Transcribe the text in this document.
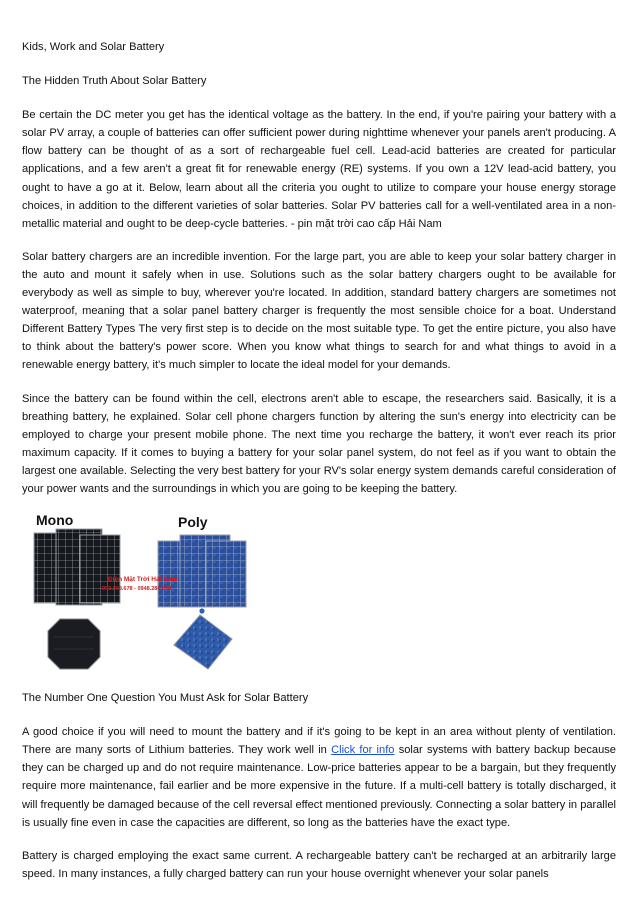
Kids, Work and Solar Battery
The Hidden Truth About Solar Battery

Be certain the DC meter you get has the identical voltage as the battery. In the end, if you're pairing your battery with a solar PV array, a couple of batteries can offer sufficient power during nighttime whenever your panels aren't producing. A flow battery can be thought of as a sort of rechargeable fuel cell. Lead-acid batteries are created for particular applications, and a few aren't a great fit for renewable energy (RE) systems. If you own a 12V lead-acid battery, you ought to have a go at it. Below, learn about all the criteria you ought to utilize to compare your house energy storage choices, in addition to the different varieties of solar batteries. Solar PV batteries call for a well-ventilated area in a non-metallic material and ought to be deep-cycle batteries. - pin mặt trời cao cấp Hải Nam

Solar battery chargers are an incredible invention. For the large part, you are able to keep your solar battery charger in the auto and mount it safely when in use. Solutions such as the solar battery chargers ought to be available for everybody as well as simple to buy, wherever you're located. In addition, standard battery chargers are sometimes not waterproof, meaning that a solar panel battery charger is frequently the most sensible choice for a boat. Understand Different Battery Types The very first step is to decide on the most suitable type. To get the entire picture, you also have to think about the battery's power score. When you know what things to search for and what things to avoid in a renewable energy battery, it's much simpler to locate the ideal model for your demands.

Since the battery can be found within the cell, electrons aren't able to escape, the researchers said. Basically, it is a breathing battery, he explained. Solar cell phone chargers function by altering the sun's energy into electricity can be employed to charge your present mobile phone. The next time you recharge the battery, it won't ever reach its prior maximum capacity. If it comes to buying a battery for your solar panel system, do not feel as if you want to obtain the largest one available. Selecting the very best battery for your RV's solar energy system demands careful consideration of your power wants and the surroundings in which you are going to be keeping the battery.

Mono	Poly
Điện Mặt Trời Hải Nam
093.208.678 - 0948.288.678
The Number One Question You Must Ask for Solar Battery

A good choice if you will need to mount the battery and if it's going to be kept in an area without plenty of ventilation. There are many sorts of Lithium batteries. They work well in Click for info solar systems with battery backup because they can be charged up and do not require maintenance. Low-price batteries appear to be a bargain, but they frequently require more maintenance, fail earlier and be more expensive in the future. If a multi-cell battery is totally discharged, it will frequently be damaged because of the cell reversal effect mentioned previously. Connecting a solar battery in parallel is usually fine even in case the capacities are different, so long as the batteries have the exact type.

Battery is charged employing the exact same current. A rechargeable battery can't be recharged at an arbitrarily large speed. In many instances, a fully charged battery can run your house overnight whenever your solar panels
